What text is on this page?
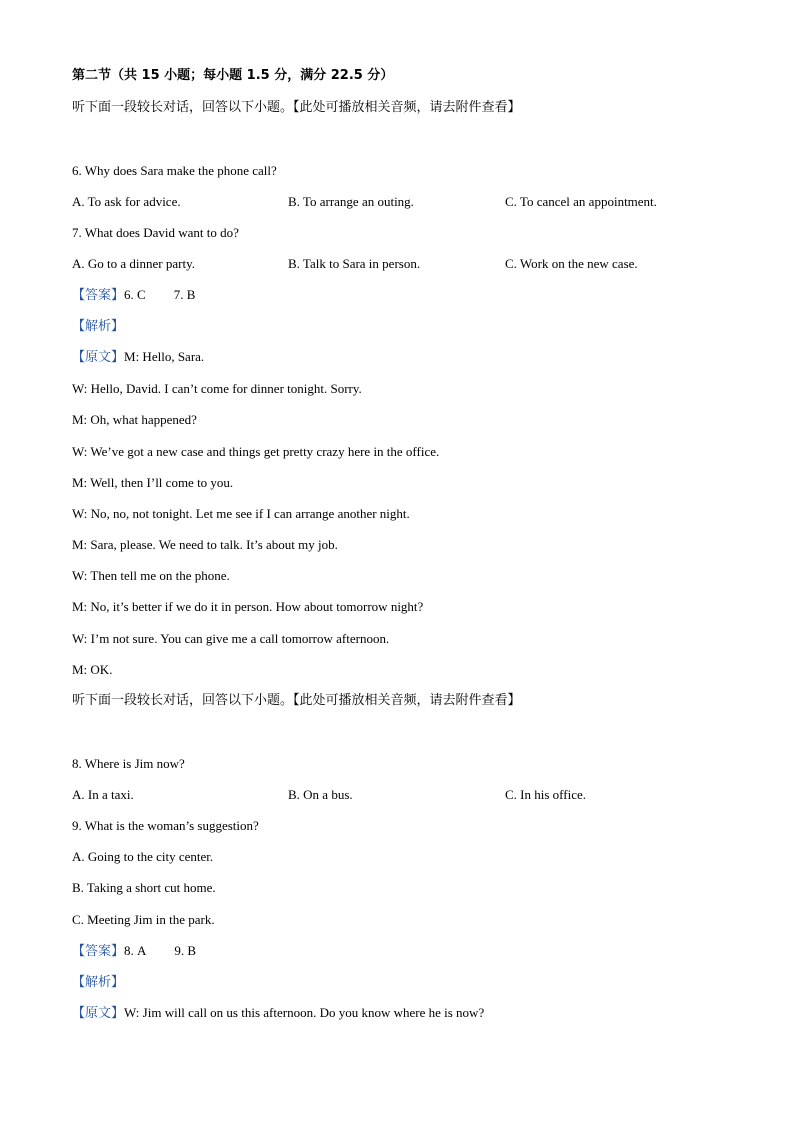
第二节（共 15 小题；每小题 1.5 分，满分 22.5 分）
听下面一段较长对话，回答以下小题。【此处可播放相关音频，请去附件查看】
6. Why does Sara make the phone call?
A. To ask for advice.	B. To arrange an outing.	C. To cancel an appointment.
7. What does David want to do?
A. Go to a dinner party.	B. Talk to Sara in person.	C. Work on the new case.
【答案】6. C 7. B
【解析】
【原文】M: Hello, Sara.
W: Hello, David. I can’t come for dinner tonight. Sorry.
M: Oh, what happened?
W: We’ve got a new case and things get pretty crazy here in the office.
M: Well, then I’ll come to you.
W: No, no, not tonight. Let me see if I can arrange another night.
M: Sara, please. We need to talk. It’s about my job.
W: Then tell me on the phone.
M: No, it’s better if we do it in person. How about tomorrow night?
W: I’m not sure. You can give me a call tomorrow afternoon.
M: OK.
听下面一段较长对话，回答以下小题。【此处可播放相关音频，请去附件查看】
8. Where is Jim now?
A. In a taxi.	B. On a bus.	C. In his office.
9. What is the woman’s suggestion?
A. Going to the city center.
B. Taking a short cut home.
C. Meeting Jim in the park.
【答案】8. A 9. B
【解析】
【原文】W: Jim will call on us this afternoon. Do you know where he is now?
